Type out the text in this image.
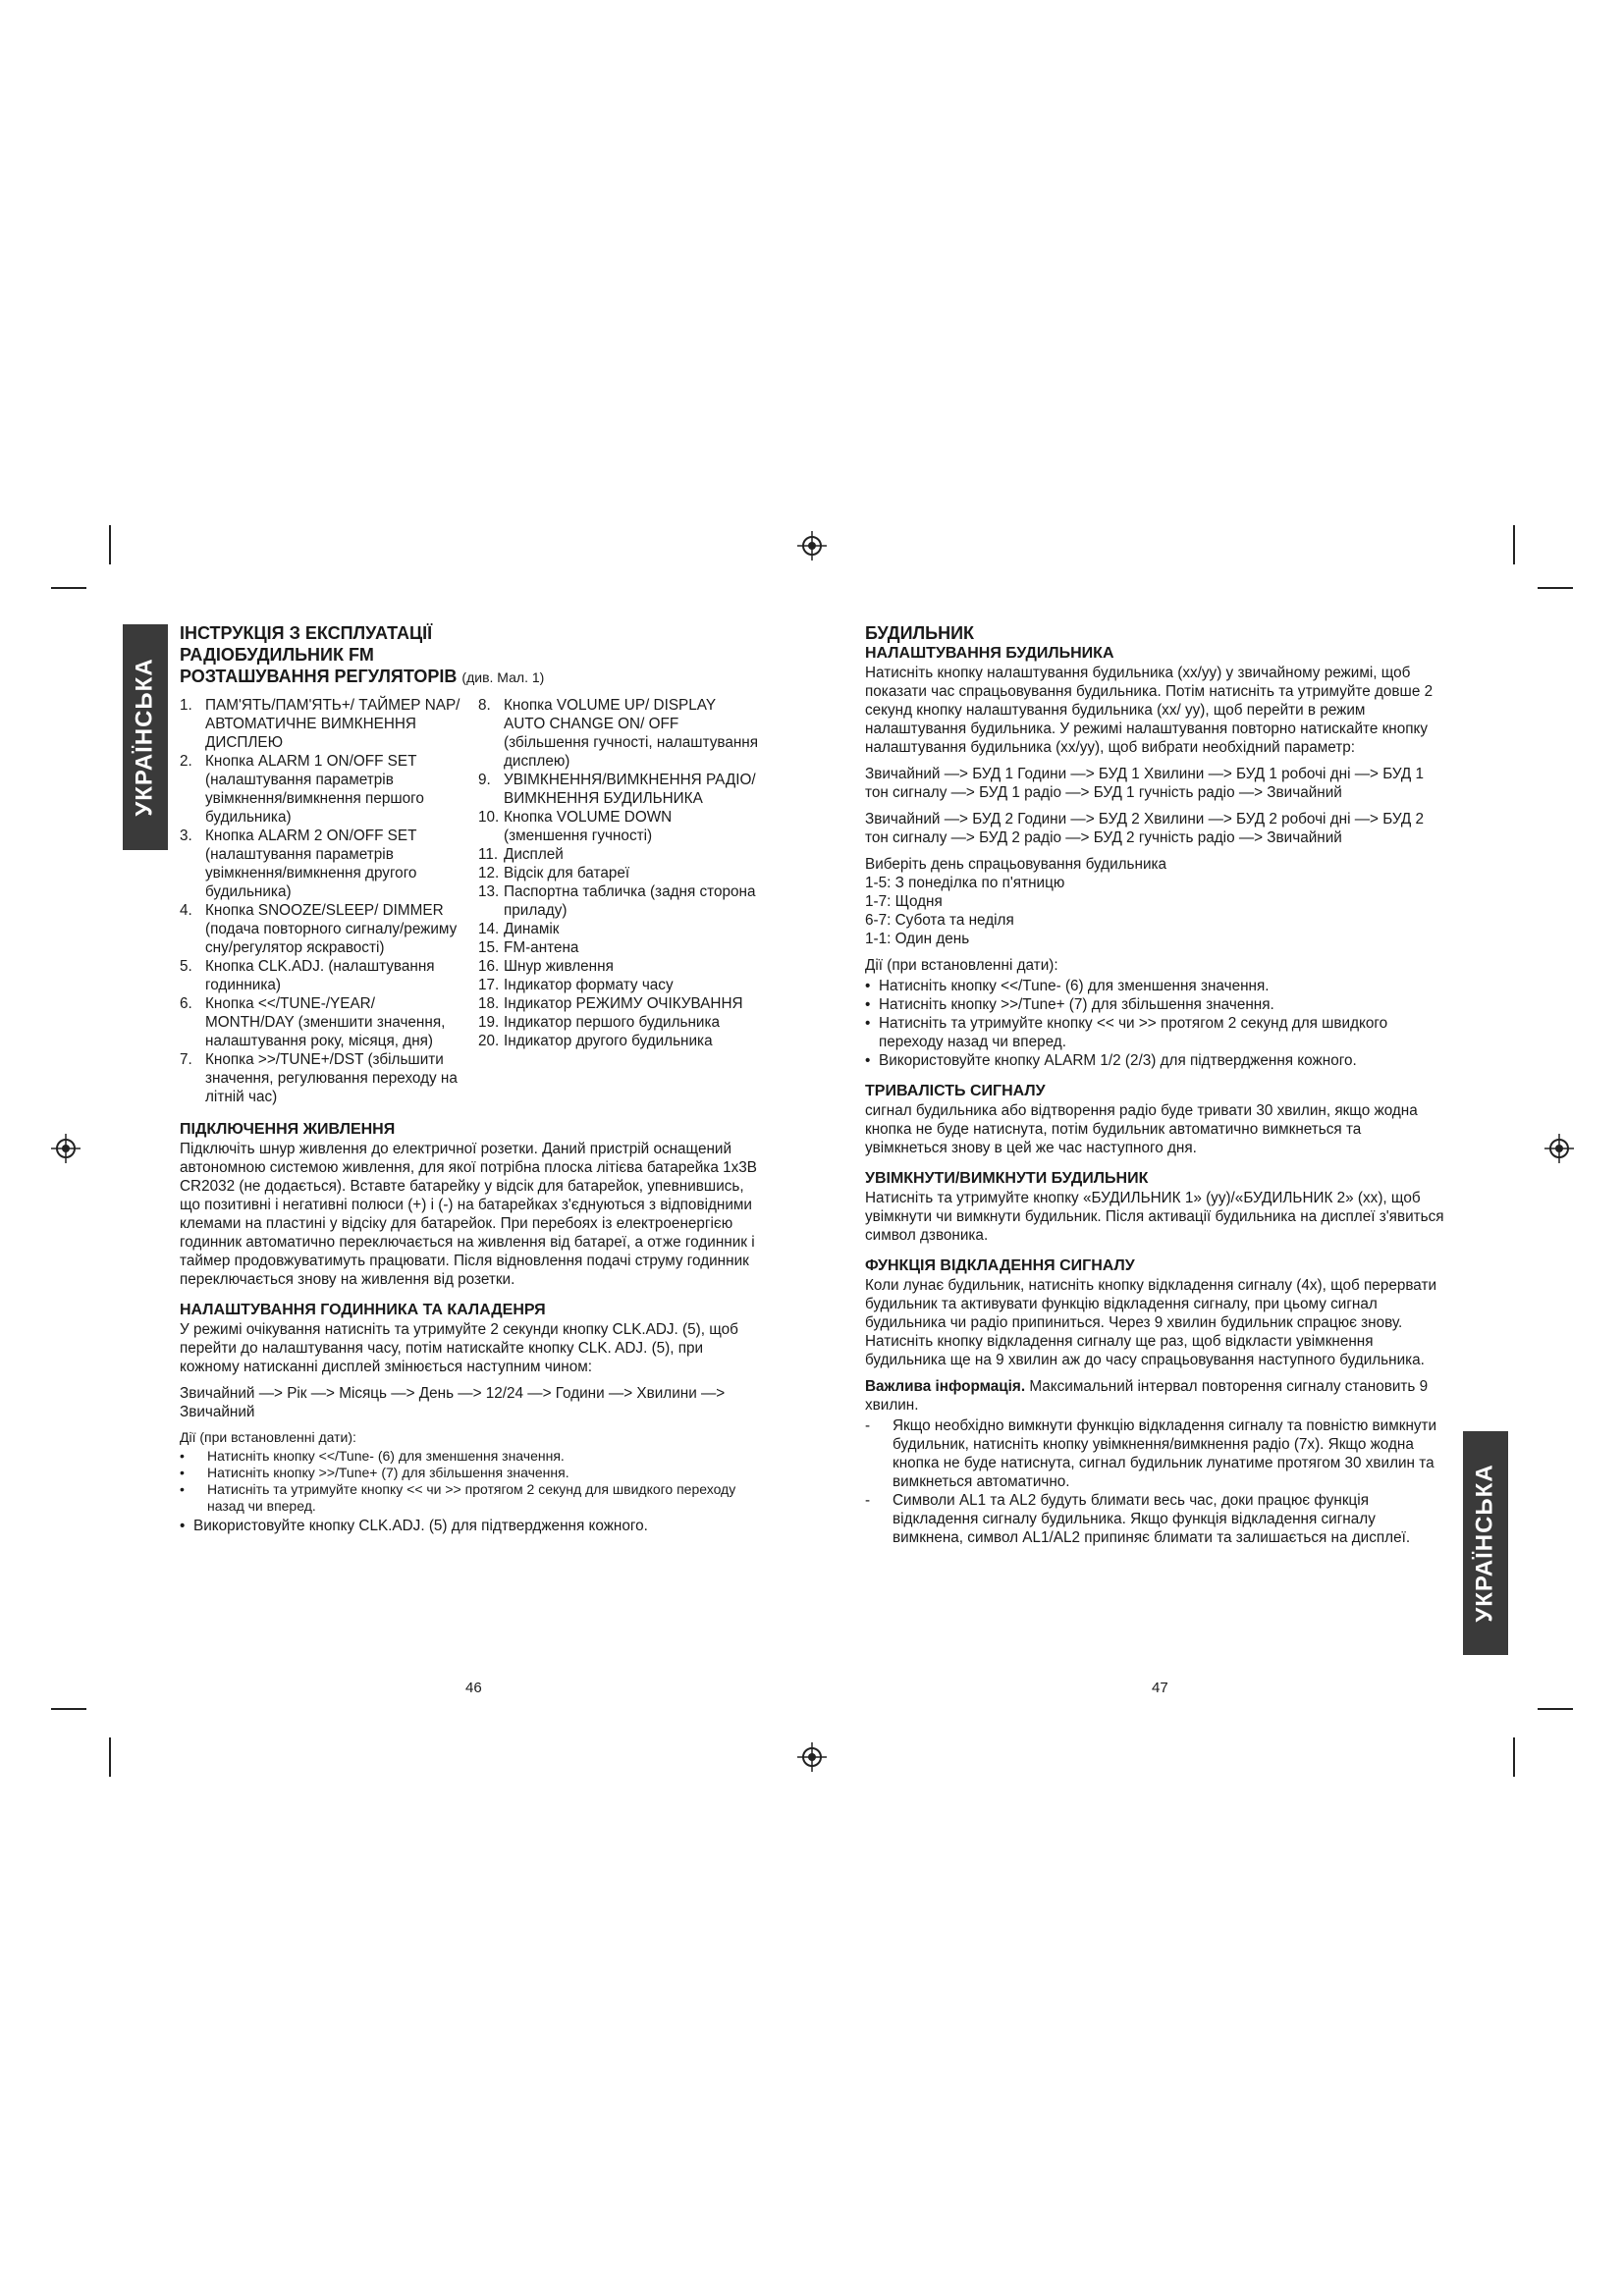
УКРАЇНСЬКА
ІНСТРУКЦІЯ З ЕКСПЛУАТАЦІЇ
РАДІОБУДИЛЬНИК FM
РОЗТАШУВАННЯ РЕГУЛЯТОРІВ (див. Мал. 1)
1. ПАМ'ЯТЬ/ПАМ'ЯТЬ+/ ТАЙМЕР NAP/АВТОМАТИЧНЕ ВИМКНЕННЯ ДИСПЛЕЮ
2. Кнопка ALARM 1 ON/OFF SET (налаштування параметрів увімкнення/вимкнення першого будильника)
3. Кнопка ALARM 2 ON/OFF SET (налаштування параметрів увімкнення/вимкнення другого будильника)
4. Кнопка SNOOZE/SLEEP/ DIMMER (подача повторного сигналу/режиму сну/регулятор яскравості)
5. Кнопка CLK.ADJ. (налаштування годинника)
6. Кнопка <</TUNE-/YEAR/ MONTH/DAY (зменшити значення, налаштування року, місяця, дня)
7. Кнопка >>/TUNE+/DST (збільшити значення, регулювання переходу на літній час)
8. Кнопка VOLUME UP/ DISPLAY AUTO CHANGE ON/ OFF (збільшення гучності, налаштування дисплею)
9. УВІМКНЕННЯ/ВИМКНЕННЯ РАДІО/ВИМКНЕННЯ БУДИЛЬНИКА
10. Кнопка VOLUME DOWN (зменшення гучності)
11. Дисплей
12. Відсік для батареї
13. Паспортна табличка (задня сторона приладу)
14. Динамік
15. FM-антена
16. Шнур живлення
17. Індикатор формату часу
18. Індикатор РЕЖИМУ ОЧІКУВАННЯ
19. Індикатор першого будильника
20. Індикатор другого будильника
ПІДКЛЮЧЕННЯ ЖИВЛЕННЯ

Підключіть шнур живлення до електричної розетки. Даний пристрій оснащений автономною системою живлення, для якої потрібна плоска літієва батарейка 1х3В CR2032 (не додається). Вставте батарейку у відсік для батарейок, упевнившись, що позитивні і негативні полюси (+) і (-) на батарейках з'єднуються з відповідними клемами на пластині у відсіку для батарейок. При перебоях із електроенергією годинник автоматично переключається на живлення від батареї, а отже годинник і таймер продовжуватимуть працювати. Після відновлення подачі струму годинник переключається знову на живлення від розетки.

НАЛАШТУВАННЯ ГОДИННИКА ТА КАЛАДЕНРЯ

У режимі очікування натисніть та утримуйте 2 секунди кнопку CLK.ADJ. (5), щоб перейти до налаштування часу, потім натискайте кнопку CLK. ADJ. (5), при кожному натисканні дисплей змінюється наступним чином:

Звичайний —> Рік —> Місяць —> День —> 12/24 —> Години —> Хвилини —> Звичайний

Дії (при встановленні дати):

•	Натисніть кнопку <</Tune- (6) для зменшення значення.
•	Натисніть кнопку >>/Tune+ (7) для збільшення значення.
•	Натисніть та утримуйте кнопку << чи >> протягом 2 секунд для швидкого переходу назад чи вперед.
• Використовуйте кнопку CLK.ADJ. (5) для підтвердження кожного.
46
БУДИЛЬНИК
НАЛАШТУВАННЯ БУДИЛЬНИКА

Натисніть кнопку налаштування будильника (хх/уу) у звичайному режимі, щоб показати час спрацьовування будильника. Потім натисніть та утримуйте довше 2 секунд кнопку налаштування будильника (хх/ уу), щоб перейти в режим налаштування будильника. У режимі налаштування повторно натискайте кнопку налаштування будильника (хх/уу), щоб вибрати необхідний параметр:

Звичайний —> БУД 1 Години —> БУД 1 Хвилини —> БУД 1 робочі дні —> БУД 1 тон сигналу —> БУД 1 радіо —> БУД 1 гучність радіо —> Звичайний

Звичайний —> БУД 2 Години —> БУД 2 Хвилини —> БУД 2 робочі дні —> БУД 2 тон сигналу —> БУД 2 радіо —> БУД 2 гучність радіо —> Звичайний

Виберіть день спрацьовування будильника

1-5: З понеділка по п'ятницю

1-7: Щодня

6-7: Субота та неділя

1-1: Один день

Дії (при встановленні дати):

• Натисніть кнопку <</Tune- (6) для зменшення значення.
• Натисніть кнопку >>/Tune+ (7) для збільшення значення.
• Натисніть та утримуйте кнопку << чи >> протягом 2 секунд для швидкого переходу назад чи вперед.
• Використовуйте кнопку ALARM 1/2 (2/3) для підтвердження кожного.
ТРИВАЛІСТЬ СИГНАЛУ

сигнал будильника або відтворення радіо буде тривати 30 хвилин, якщо жодна кнопка не буде натиснута, потім будильник автоматично вимкнеться та увімкнеться знову в цей же час наступного дня.

УВІМКНУТИ/ВИМКНУТИ БУДИЛЬНИК

Натисніть та утримуйте кнопку «БУДИЛЬНИК 1» (уу)/«БУДИЛЬНИК 2» (хх), щоб увімкнути чи вимкнути будильник. Після активації будильника на дисплеї з'явиться символ дзвоника.

ФУНКЦІЯ ВІДКЛАДЕННЯ СИГНАЛУ

Коли лунає будильник, натисніть кнопку відкладення сигналу (4х), щоб перервати будильник та активувати функцію відкладення сигналу, при цьому сигнал будильника чи радіо припиниться. Через 9 хвилин будильник спрацює знову. Натисніть кнопку відкладення сигналу ще раз, щоб відкласти увімкнення будильника ще на 9 хвилин аж до часу спрацьовування наступного будильника.

Важлива інформація. Максимальний інтервал повторення сигналу становить 9 хвилин.

-	Якщо необхідно вимкнути функцію відкладення сигналу та повністю вимкнути будильник, натисніть кнопку увімкнення/вимкнення радіо (7х). Якщо жодна кнопка не буде натиснута, сигнал будильник лунатиме протягом 30 хвилин та вимкнеться автоматично.
-	Символи AL1 та AL2 будуть блимати весь час, доки працює функція відкладення сигналу будильника. Якщо функція відкладення сигналу вимкнена, символ AL1/AL2 припиняє блимати та залишається на дисплеї.	УКРАЇНСЬКА
47
